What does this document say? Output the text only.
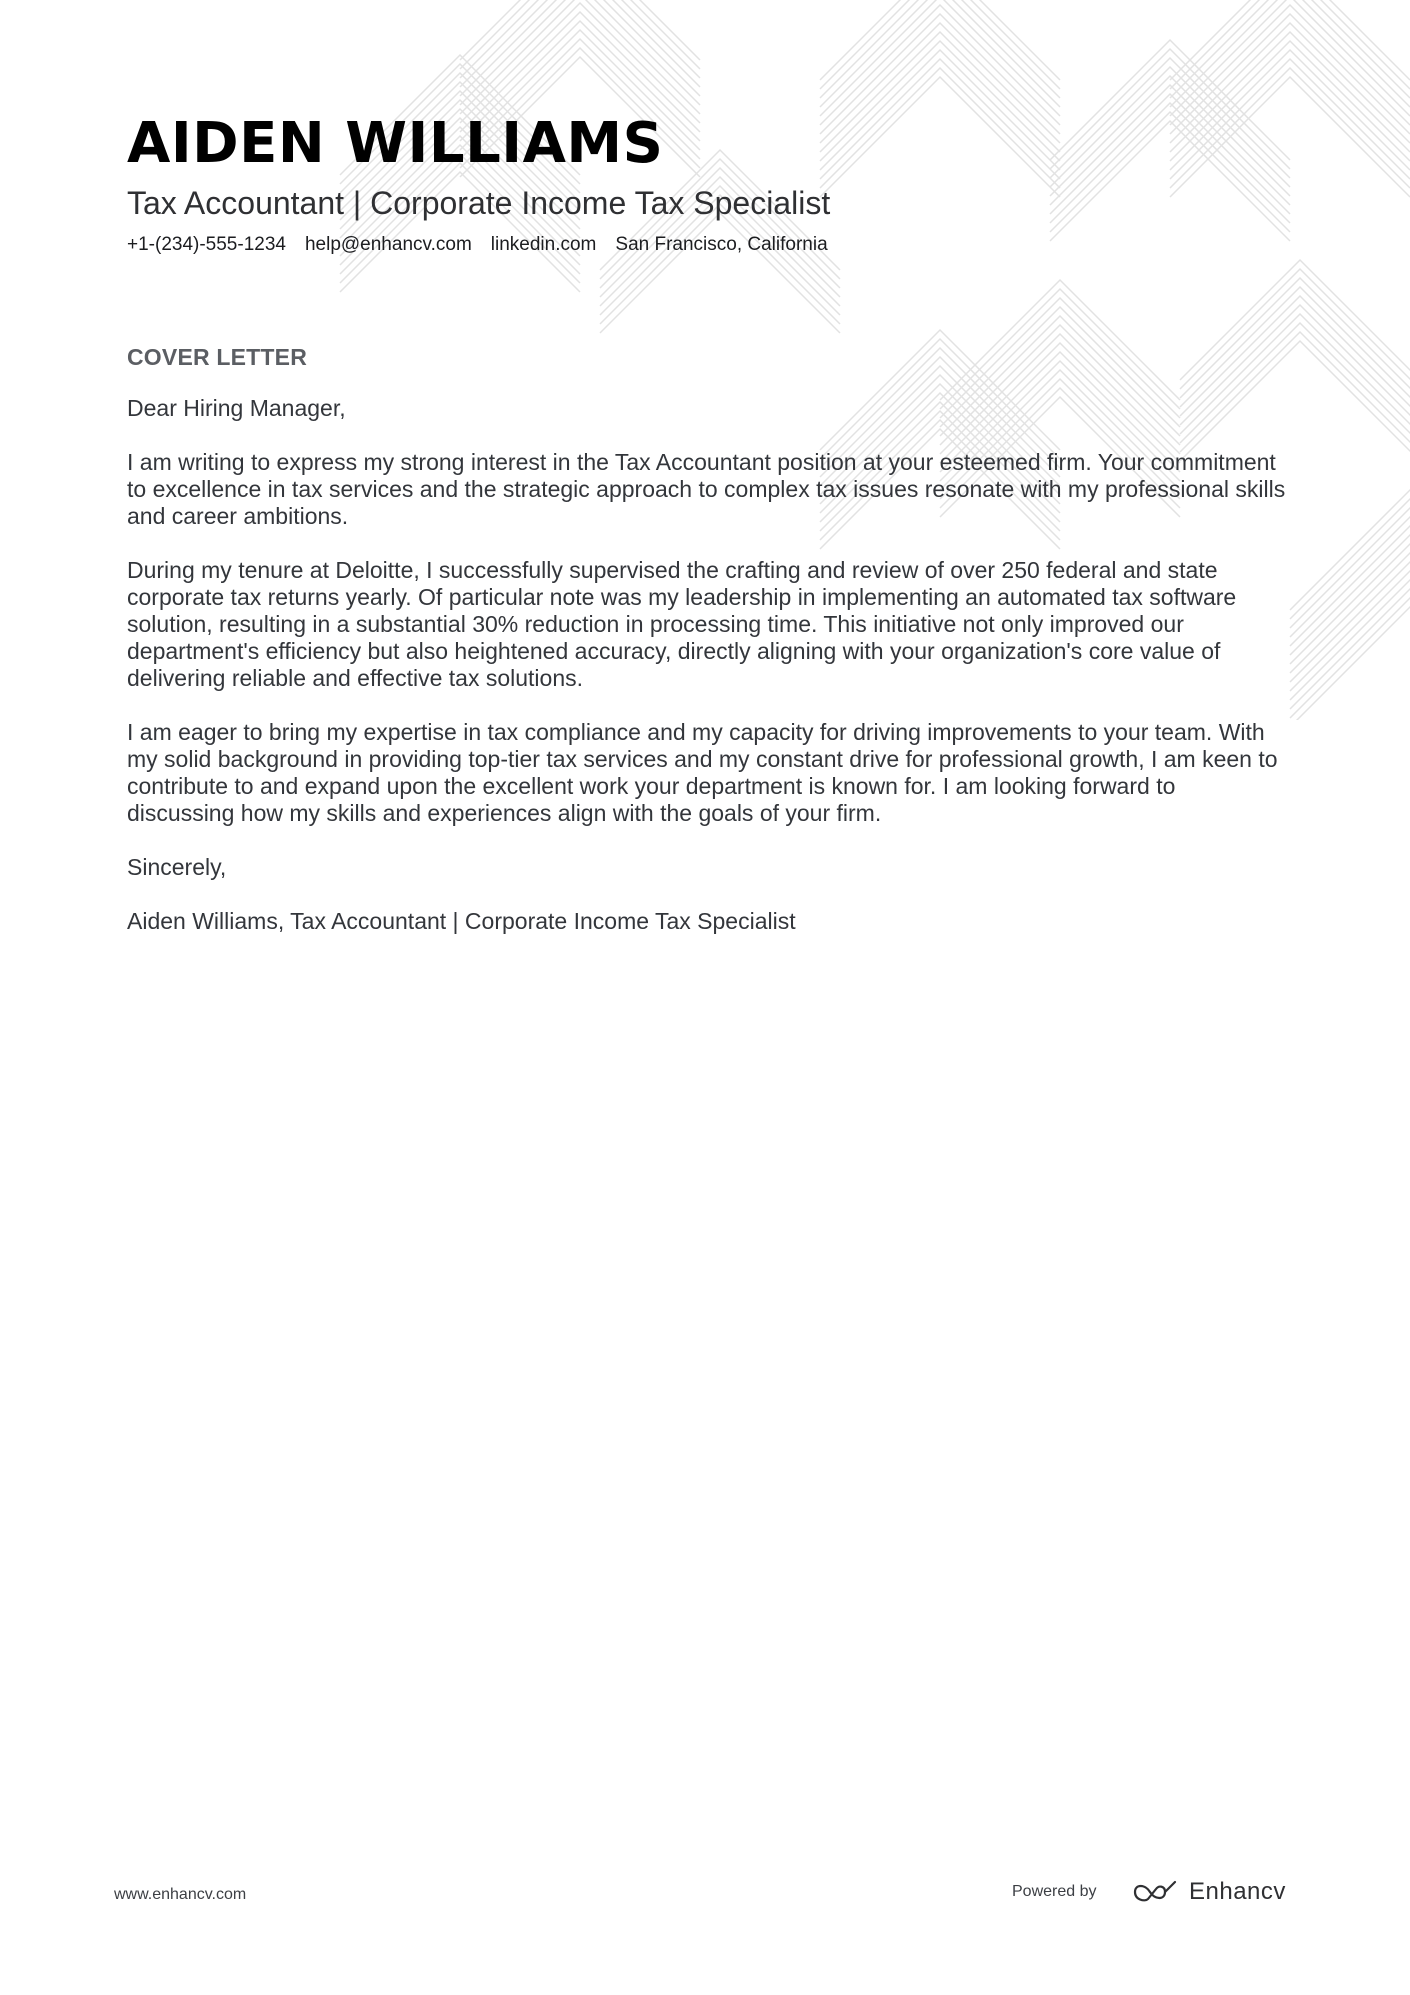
AIDEN WILLIAMS
Tax Accountant | Corporate Income Tax Specialist
+1-(234)-555-1234 help@enhancv.com linkedin.com San Francisco, California
COVER LETTER

Dear Hiring Manager,

I am writing to express my strong interest in the Tax Accountant position at your esteemed firm. Your commitment to excellence in tax services and the strategic approach to complex tax issues resonate with my professional skills and career ambitions.

During my tenure at Deloitte, I successfully supervised the crafting and review of over 250 federal and state corporate tax returns yearly. Of particular note was my leadership in implementing an automated tax software solution, resulting in a substantial 30% reduction in processing time. This initiative not only improved our department's efficiency but also heightened accuracy, directly aligning with your organization's core value of delivering reliable and effective tax solutions.

I am eager to bring my expertise in tax compliance and my capacity for driving improvements to your team. With my solid background in providing top-tier tax services and my constant drive for professional growth, I am keen to contribute to and expand upon the excellent work your department is known for. I am looking forward to discussing how my skills and experiences align with the goals of your firm.

Sincerely,

Aiden Williams, Tax Accountant | Corporate Income Tax Specialist

www.enhancv.com	Powered by	Enhancv
